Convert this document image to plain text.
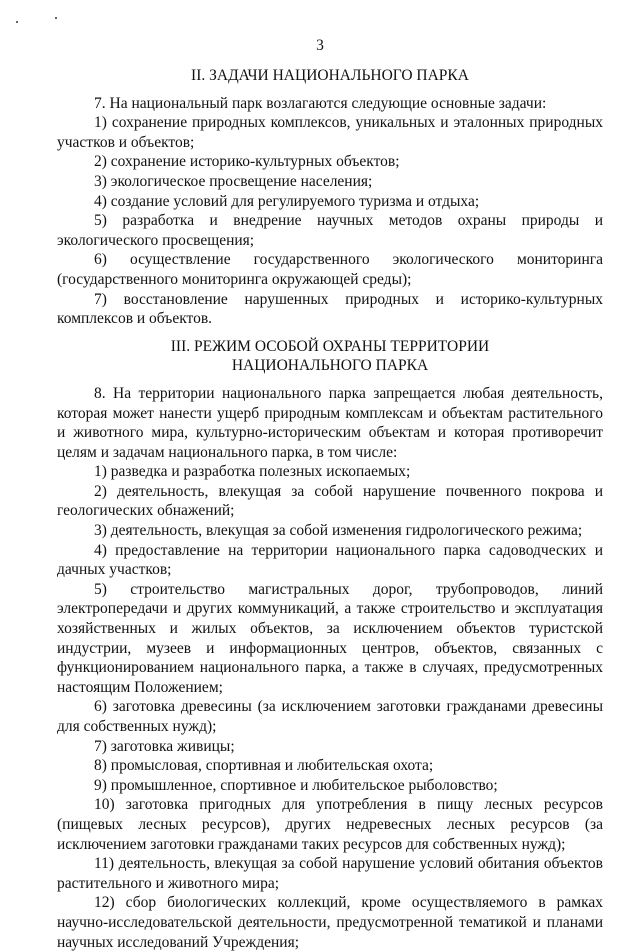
3
II. ЗАДАЧИ НАЦИОНАЛЬНОГО ПАРКА

7. На национальный парк возлагаются следующие основные задачи:

1) сохранение природных комплексов, уникальных и эталонных природных участков и объектов;

2) сохранение историко-культурных объектов;

3) экологическое просвещение населения;

4) создание условий для регулируемого туризма и отдыха;

5) разработка и внедрение научных методов охраны природы и экологического просвещения;

6) осуществление государственного экологического мониторинга (государственного мониторинга окружающей среды);

7) восстановление нарушенных природных и историко-культурных комплексов и объектов.

III. РЕЖИМ ОСОБОЙ ОХРАНЫ ТЕРРИТОРИИ
НАЦИОНАЛЬНОГО ПАРКА

8. На территории национального парка запрещается любая деятельность, которая может нанести ущерб природным комплексам и объектам растительного и животного мира, культурно-историческим объектам и которая противоречит целям и задачам национального парка, в том числе:

1) разведка и разработка полезных ископаемых;

2) деятельность, влекущая за собой нарушение почвенного покрова и геологических обнажений;

3) деятельность, влекущая за собой изменения гидрологического режима;

4) предоставление на территории национального парка садоводческих и дачных участков;

5) строительство магистральных дорог, трубопроводов, линий электропередачи и других коммуникаций, а также строительство и эксплуатация хозяйственных и жилых объектов, за исключением объектов туристской индустрии, музеев и информационных центров, объектов, связанных с функционированием национального парка, а также в случаях, предусмотренных настоящим Положением;

6) заготовка древесины (за исключением заготовки гражданами древесины для собственных нужд);

7) заготовка живицы;

8) промысловая, спортивная и любительская охота;

9) промышленное, спортивное и любительское рыболовство;

10) заготовка пригодных для употребления в пищу лесных ресурсов (пищевых лесных ресурсов), других недревесных лесных ресурсов (за исключением заготовки гражданами таких ресурсов для собственных нужд);

11) деятельность, влекущая за собой нарушение условий обитания объектов растительного и животного мира;

12) сбор биологических коллекций, кроме осуществляемого в рамках научно-исследовательской деятельности, предусмотренной тематикой и планами научных исследований Учреждения;
